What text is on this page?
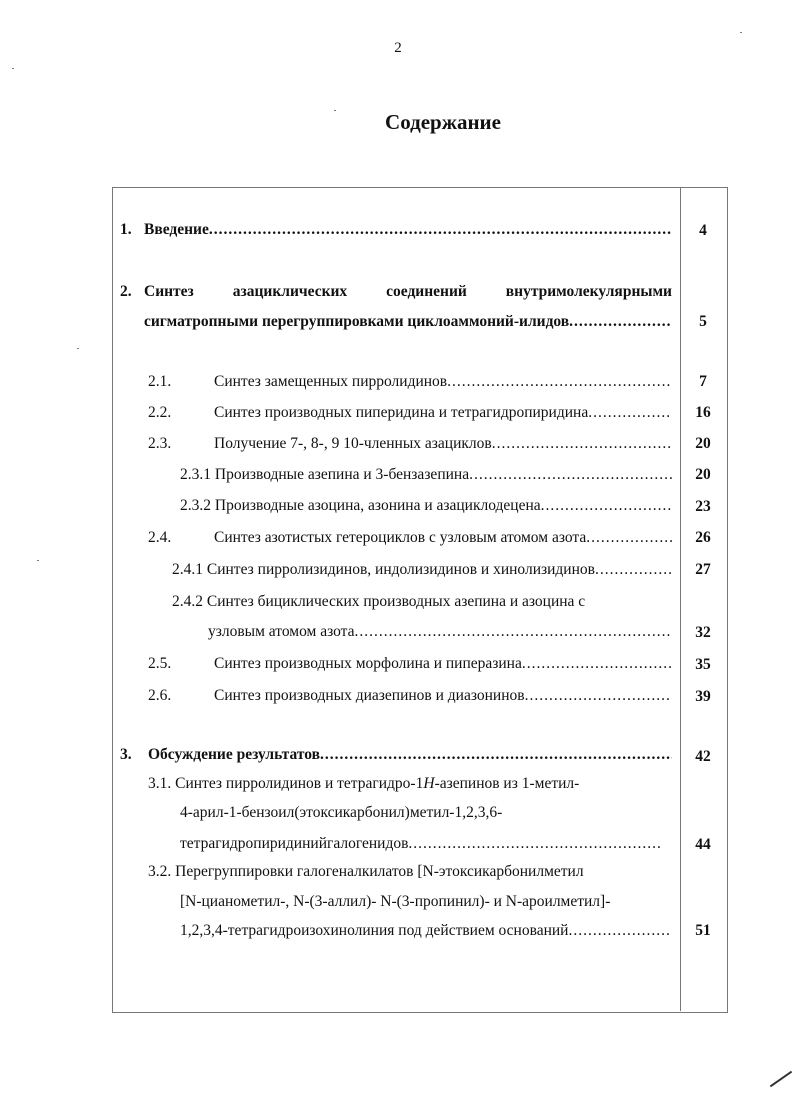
2
Содержание
1. Введение .....	4
2. Синтез	азациклических	соединений	внутримолекулярными
сигматропными перегруппировками циклоаммоний-илидов .....	5
2.1.	Синтез замещенных пирролидинов .....	7
2.2.	Синтез производных пиперидина и тетрагидропиридина .....	16
2.3.	Получение 7-, 8-, 9 10-членных азациклов .....	20
2.3.1 Производные азепина и 3-бензазепина .....	20
2.3.2 Производные азоцина, азонина и азациклодецена .....	23
2.4.	Синтез азотистых гетероциклов с узловым атомом азота .....	26
2.4.1 Синтез пирролизидинов, индолизидинов и хинолизидинов .....	27
2.4.2 Синтез бициклических производных азепина и азоцина с
узловым атомом азота .....	32
2.5.	Синтез производных морфолина и пиперазина .....	35
2.6.	Синтез производных диазепинов и диазонинов .....	39
3. Обсуждение результатов .....	42
3.1. Синтез пирролидинов и тетрагидро-1H-азепинов из 1-метил-
4-арил-1-бензоил(этоксикарбонил)метил-1,2,3,6-
тетрагидропиридинийгалогенидов .....	44
3.2. Перегруппировки галогеналкилатов [N-этоксикарбонилметил
[N-цианометил-, N-(3-аллил)- N-(3-пропинил)- и N-ароилметил]-
1,2,3,4-тетрагидроизохинолиния под действием оснований .....	51
